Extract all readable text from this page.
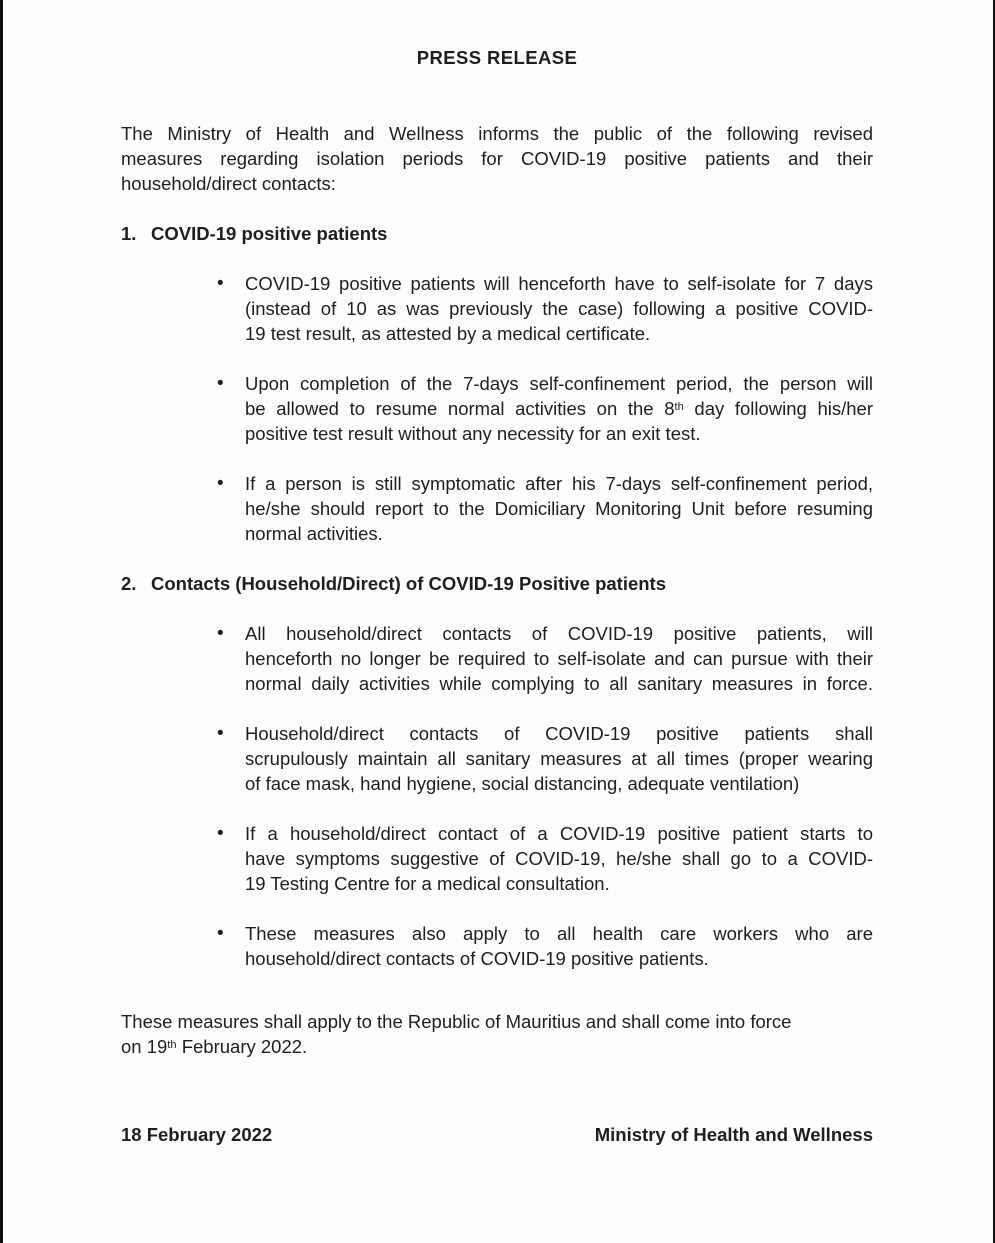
PRESS RELEASE
The Ministry of Health and Wellness informs the public of the following revised
measures regarding isolation periods for COVID-19 positive patients and their
household/direct contacts:
1. COVID-19 positive patients
•	COVID-19 positive patients will henceforth have to self-isolate for 7 days
(instead of 10 as was previously the case) following a positive COVID-
19 test result, as attested by a medical certificate.
•	Upon completion of the 7-days self-confinement period, the person will
be allowed to resume normal activities on the 8th day following his/her
positive test result without any necessity for an exit test.
•	If a person is still symptomatic after his 7-days self-confinement period,
he/she should report to the Domiciliary Monitoring Unit before resuming
normal activities.
2. Contacts (Household/Direct) of COVID-19 Positive patients
•	All household/direct contacts of COVID-19 positive patients, will
henceforth no longer be required to self-isolate and can pursue with their
normal daily activities while complying to all sanitary measures in force.
•	Household/direct contacts of COVID-19 positive patients shall
scrupulously maintain all sanitary measures at all times (proper wearing
of face mask, hand hygiene, social distancing, adequate ventilation)
•	If a household/direct contact of a COVID-19 positive patient starts to
have symptoms suggestive of COVID-19, he/she shall go to a COVID-
19 Testing Centre for a medical consultation.
•	These measures also apply to all health care workers who are
household/direct contacts of COVID-19 positive patients.
These measures shall apply to the Republic of Mauritius and shall come into force
on 19th February 2022.
18 February 2022	Ministry of Health and Wellness
